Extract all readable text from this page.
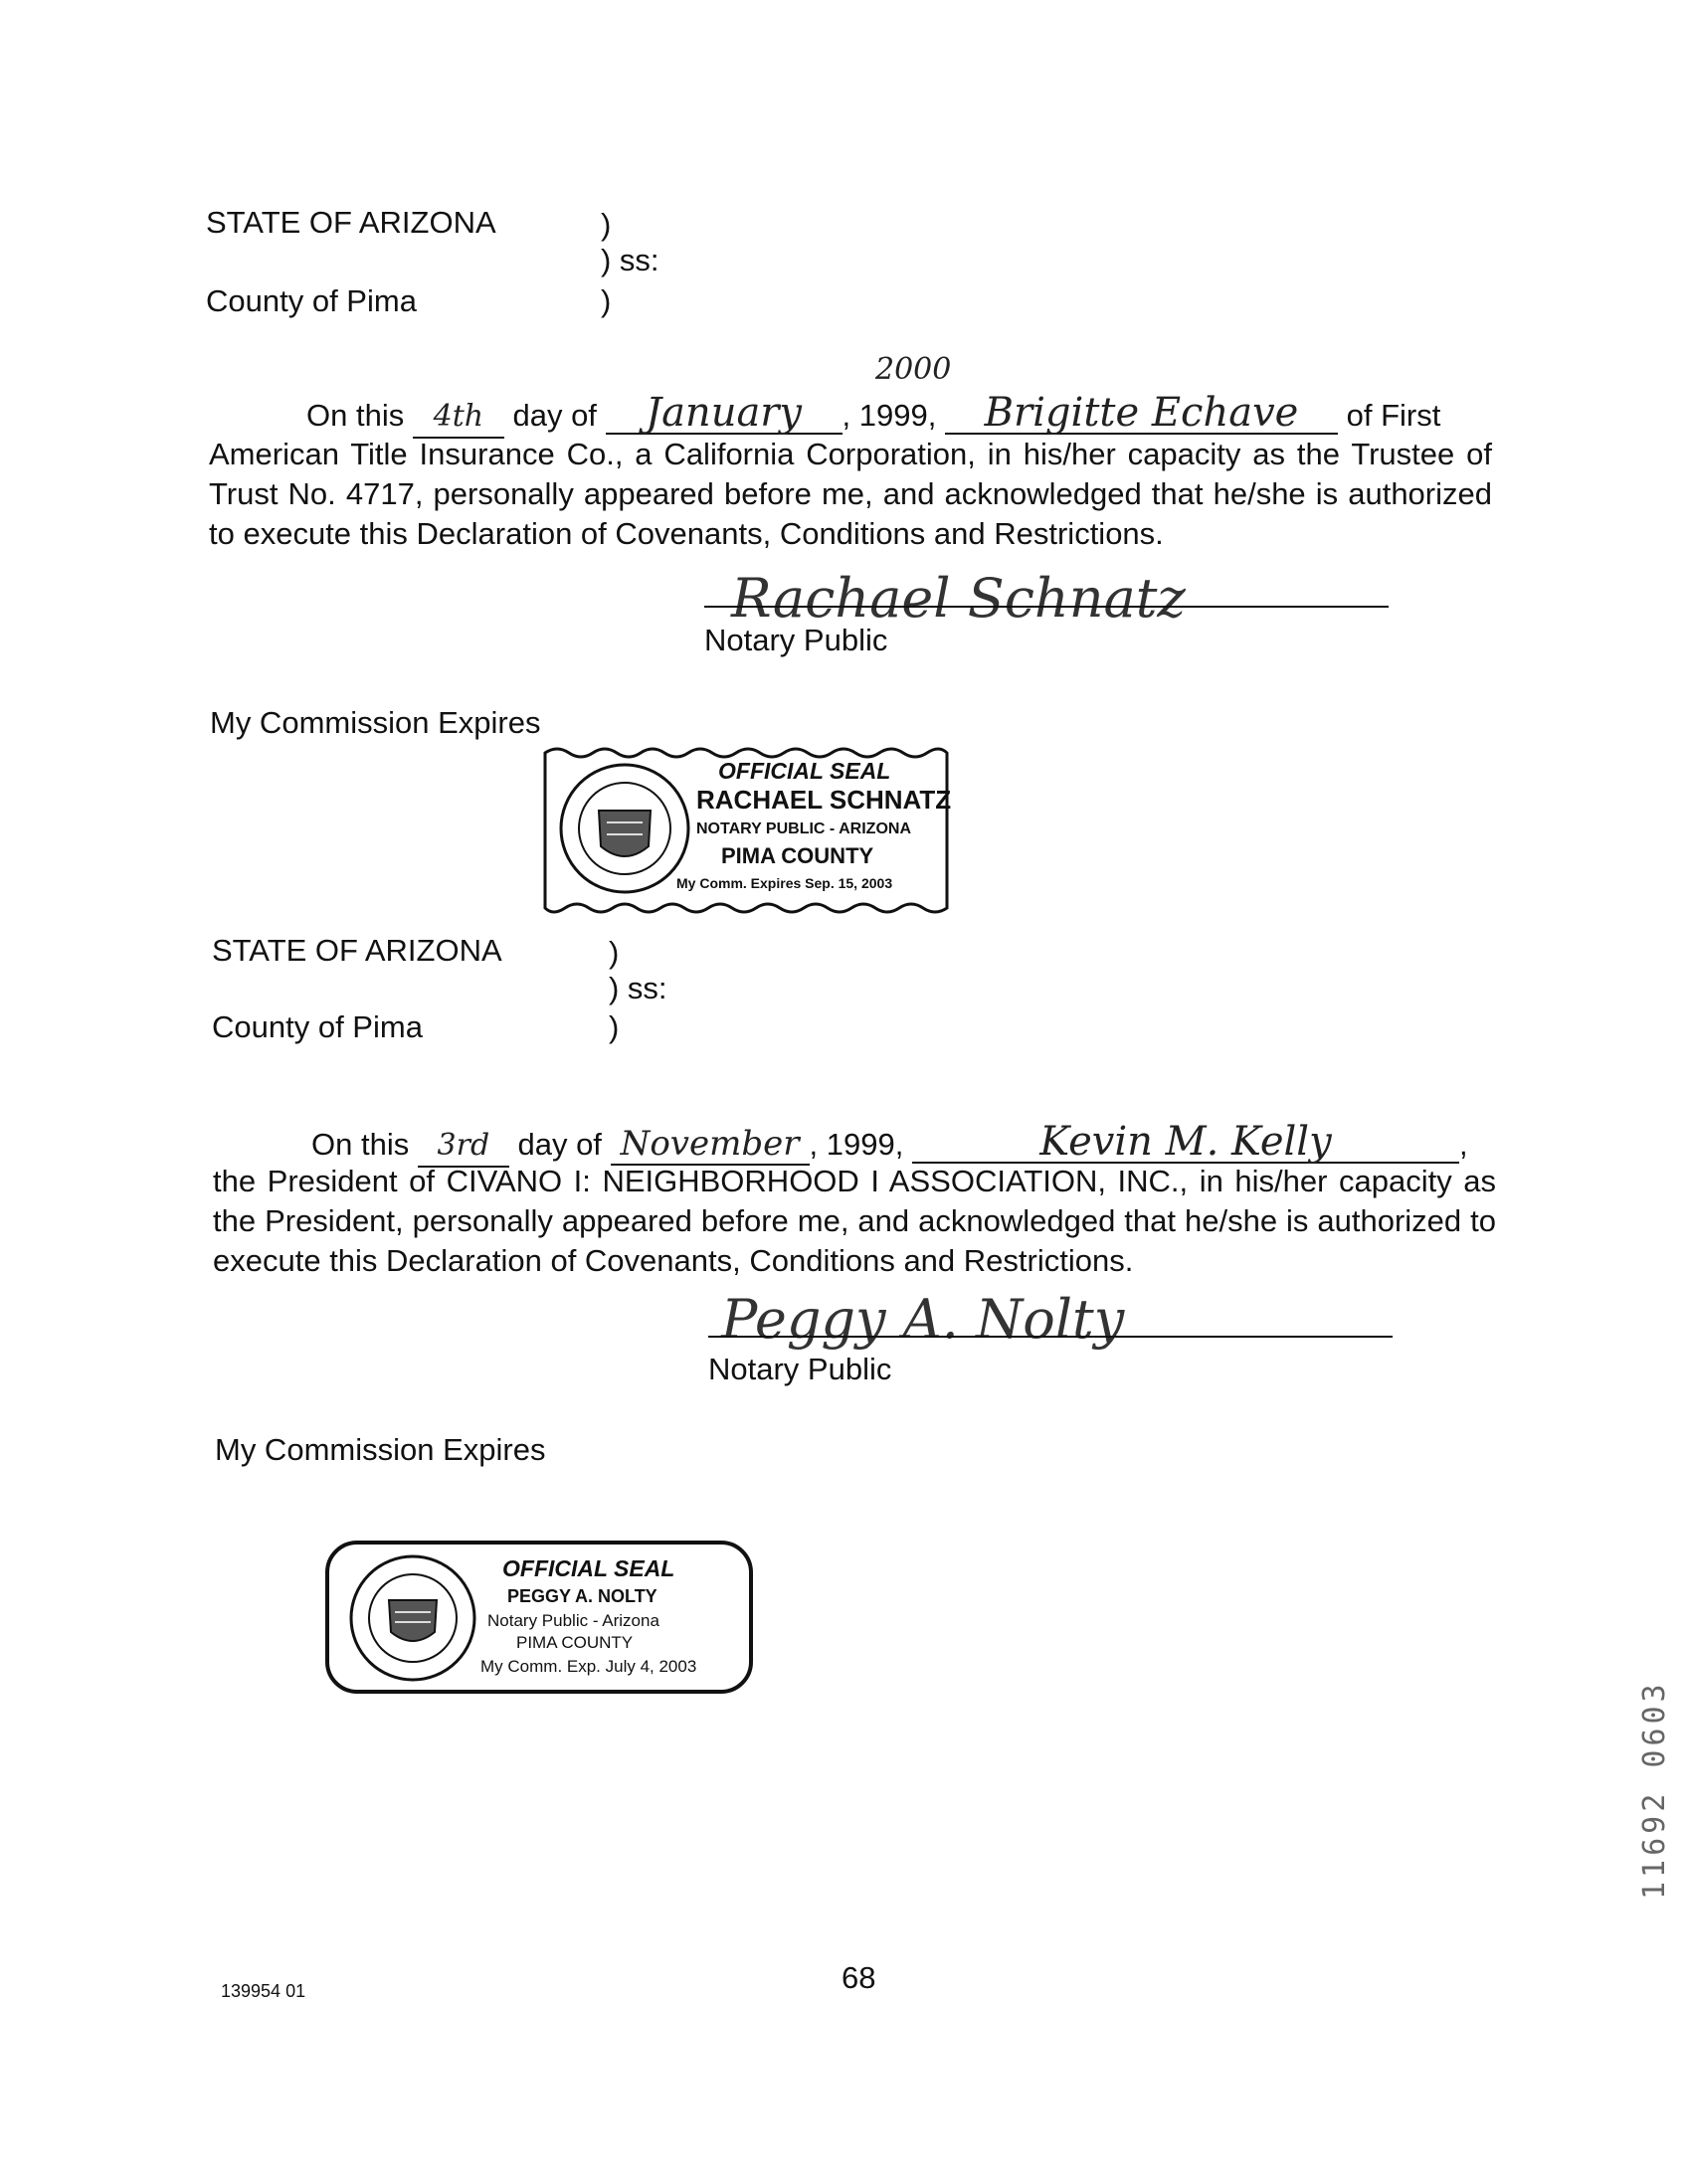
STATE OF ARIZONA	)
) ss:
County of Pima	)
On this 4th day of January , 1999, Brigitte Echave of First
2000
American Title Insurance Co., a California Corporation, in his/her capacity as the Trustee of Trust No. 4717, personally appeared before me, and acknowledged that he/she is authorized to execute this Declaration of Covenants, Conditions and Restrictions.
Rachael Schnatz
Notary Public
My Commission Expires
OFFICIAL SEAL
RACHAEL SCHNATZ
NOTARY PUBLIC - ARIZONA
PIMA COUNTY
My Comm. Expires Sep. 15, 2003
STATE OF ARIZONA	)
) ss:
County of Pima	)
On this 3rd day of November , 1999,	Kevin M. Kelly	,
the President of CIVANO I: NEIGHBORHOOD I ASSOCIATION, INC., in his/her capacity as the President, personally appeared before me, and acknowledged that he/she is authorized to execute this Declaration of Covenants, Conditions and Restrictions.
Peggy A. Nolty
Notary Public
My Commission Expires
OFFICIAL SEAL
PEGGY A. NOLTY
Notary Public - Arizona
PIMA COUNTY
My Comm. Exp. July 4, 2003
139954 01	68
11692 0603
